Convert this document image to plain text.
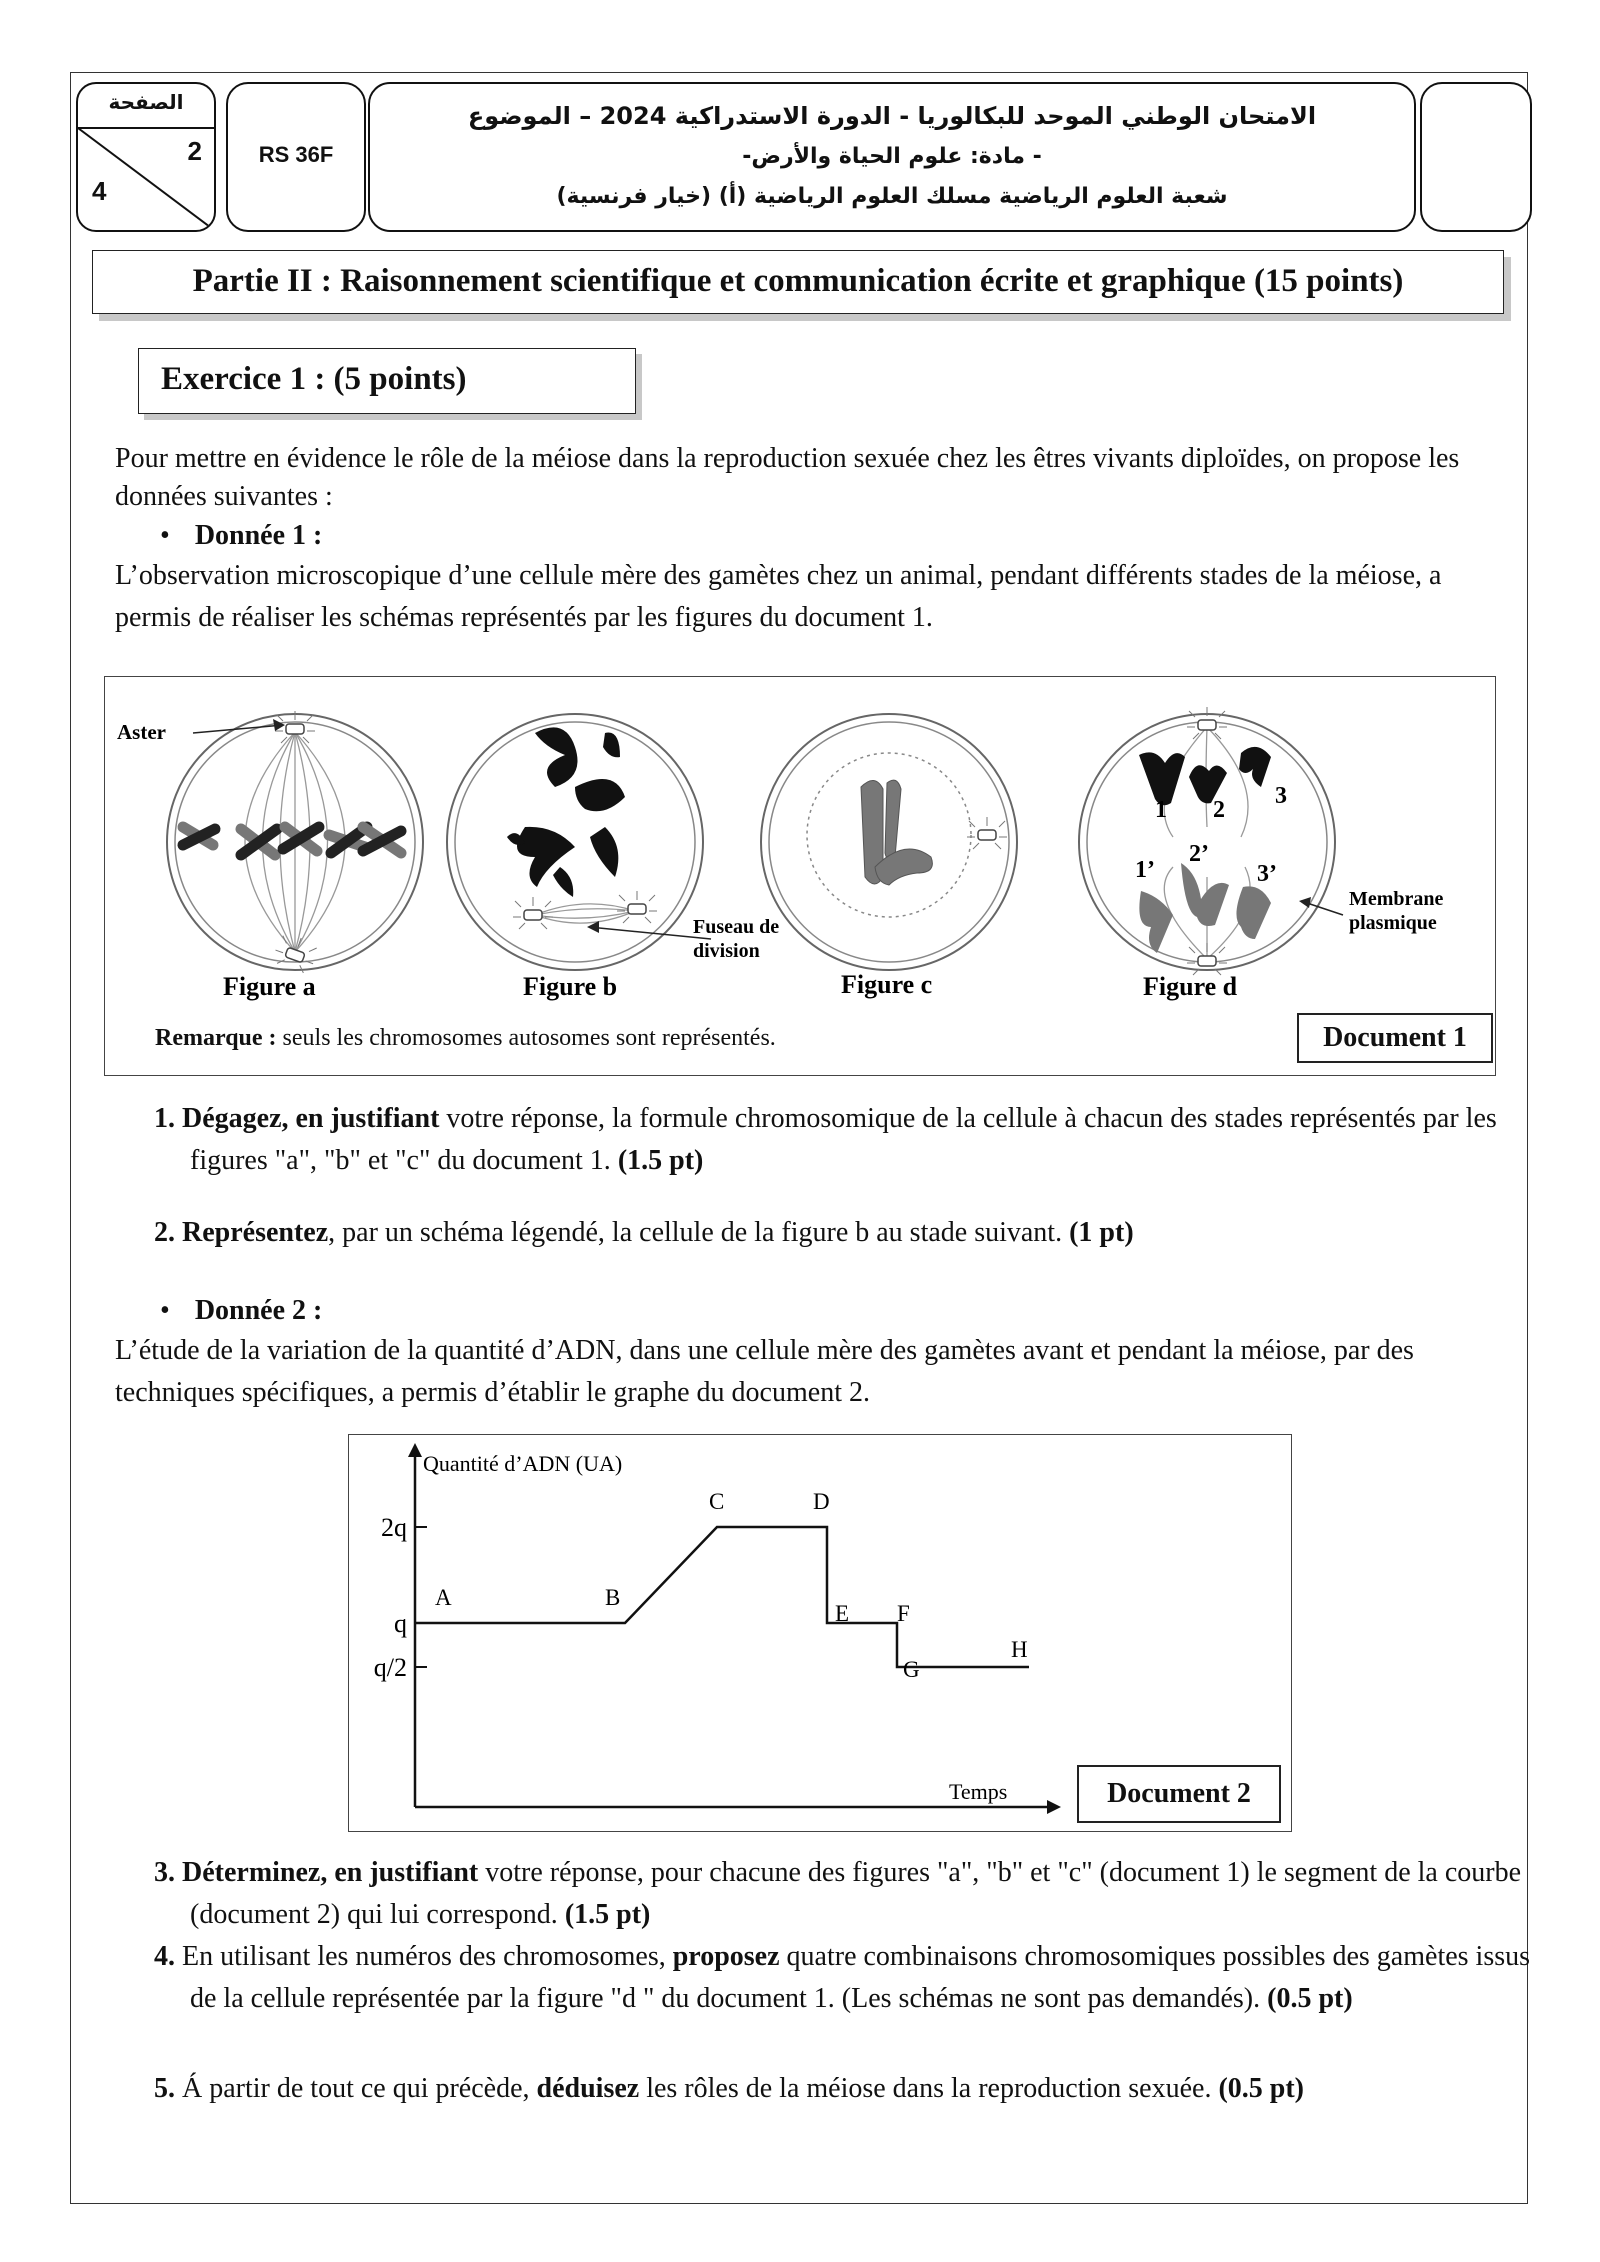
الصفحة
2
4
RS 36F
الامتحان الوطني الموحد للبكالوريا - الدورة الاستدراكية 2024 – الموضوع
- مادة: علوم الحياة والأرض-
شعبة العلوم الرياضية مسلك العلوم الرياضية (أ) (خيار فرنسية)
Partie II : Raisonnement scientifique et communication écrite et graphique (15 points)
Exercice 1 : (5 points)
Pour mettre en évidence le rôle de la méiose dans la reproduction sexuée chez les êtres vivants diploïdes, on propose les données suivantes :
• Donnée 1 :
L’observation microscopique d’une cellule mère des gamètes chez un animal, pendant différents stades de la méiose, a permis de réaliser les schémas représentés par les figures du document 1.
Aster
Fuseau de
division
1 2
3
1’
2’
3’
Membrane
plasmique
Figure a	Figure b	Figure c	Figure d
Remarque : seuls les chromosomes autosomes sont représentés.	Document 1
1. Dégagez, en justifiant votre réponse, la formule chromosomique de la cellule à chacun des stades représentés par les figures "a", "b" et "c" du document 1. (1.5 pt)
2. Représentez, par un schéma légendé, la cellule de la figure b au stade suivant. (1 pt)
• Donnée 2 :
L’étude de la variation de la quantité d’ADN, dans une cellule mère des gamètes avant et pendant la méiose, par des techniques spécifiques, a permis d’établir le graphe du document 2.
Quantité d’ADN (UA)
Temps
q/2
q
2q
A	B
C	D
E F
G
H
Document 2
3. Déterminez, en justifiant votre réponse, pour chacune des figures "a", "b" et "c" (document 1) le segment de la courbe (document 2) qui lui correspond. (1.5 pt)
4. En utilisant les numéros des chromosomes, proposez quatre combinaisons chromosomiques possibles des gamètes issus de la cellule représentée par la figure "d " du document 1. (Les schémas ne sont pas demandés). (0.5 pt)
5. Á partir de tout ce qui précède, déduisez les rôles de la méiose dans la reproduction sexuée. (0.5 pt)
